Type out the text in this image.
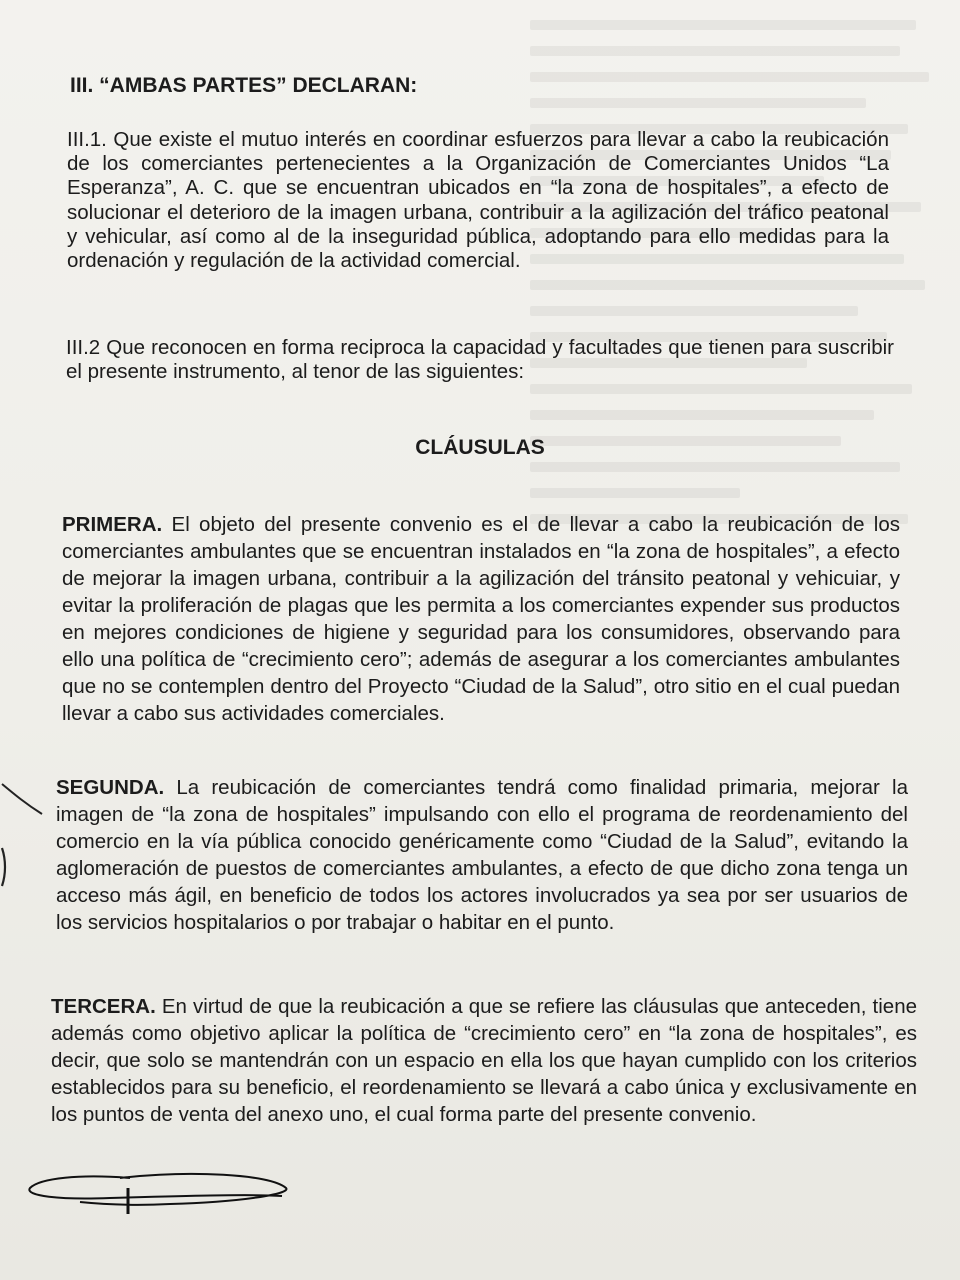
III. “AMBAS PARTES” DECLARAN:
III.1. Que existe el mutuo interés en coordinar esfuerzos para llevar a cabo la reubicación de los comerciantes pertenecientes a la Organización de Comerciantes Unidos “La Esperanza”, A. C. que se encuentran ubicados en “la zona de hospitales”, a efecto de solucionar el deterioro de la imagen urbana, contribuir a la agilización del tráfico peatonal y vehicular, así como al de la inseguridad pública, adoptando para ello medidas para la ordenación y regulación de la actividad comercial.
III.2 Que reconocen en forma reciproca la capacidad y facultades que tienen para suscribir el presente instrumento, al tenor de las siguientes:
CLÁUSULAS
PRIMERA. El objeto del presente convenio es el de llevar a cabo la reubicación de los comerciantes ambulantes que se encuentran instalados en “la zona de hospitales”, a efecto de mejorar la imagen urbana, contribuir a la agilización del tránsito peatonal y vehicuiar, y evitar la proliferación de plagas que les permita a los comerciantes expender sus productos en mejores condiciones de higiene y seguridad para los consumidores, observando para ello una política de “crecimiento cero”; además de asegurar a los comerciantes ambulantes que no se contemplen dentro del Proyecto “Ciudad de la Salud”, otro sitio en el cual puedan llevar a cabo sus actividades comerciales.
SEGUNDA. La reubicación de comerciantes tendrá como finalidad primaria, mejorar la imagen de “la zona de hospitales” impulsando con ello el programa de reordenamiento del comercio en la vía pública conocido genéricamente como “Ciudad de la Salud”, evitando la aglomeración de puestos de comerciantes ambulantes, a efecto de que dicho zona tenga un acceso más ágil, en beneficio de todos los actores involucrados ya sea por ser usuarios de los servicios hospitalarios o por trabajar o habitar en el punto.
TERCERA. En virtud de que la reubicación a que se refiere las cláusulas que anteceden, tiene además como objetivo aplicar la política de “crecimiento cero” en “la zona de hospitales”, es decir, que solo se mantendrán con un espacio en ella los que hayan cumplido con los criterios establecidos para su beneficio, el reordenamiento se llevará a cabo única y exclusivamente en los puntos de venta del anexo uno, el cual forma parte del presente convenio.
